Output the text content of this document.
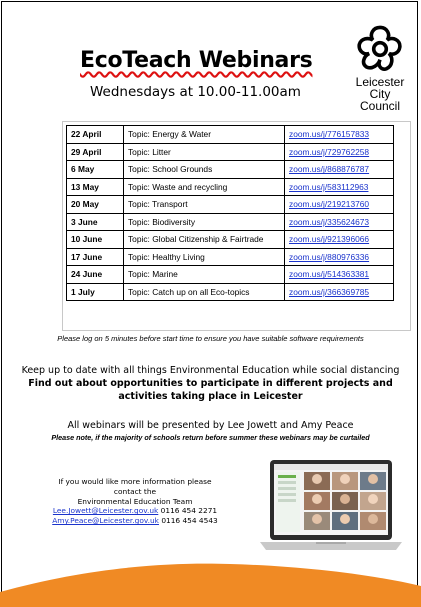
EcoTeach Webinars
Wednesdays at 10.00-11.00am
Leicester
City Council
22 April	Topic: Energy & Water	zoom.us/j/776157833
29 April	Topic: Litter	zoom.us/j/729762258
6 May	Topic: School Grounds	zoom.us/j/868876787
13 May	Topic: Waste and recycling	zoom.us/j/583112963
20 May	Topic: Transport	zoom.us/j/219213760
3 June	Topic: Biodiversity	zoom.us/j/335624673
10 June	Topic: Global Citizenship & Fairtrade	zoom.us/j/921396066
17 June	Topic: Healthy Living	zoom.us/j/880976336
24 June	Topic: Marine	zoom.us/j/514363381
1 July	Topic: Catch up on all Eco-topics	zoom.us/j/366369785
Please log on 5 minutes before start time to ensure you have suitable software requirements
Keep up to date with all things Environmental Education while social distancing
Find out about opportunities to participate in different projects and activities taking place in Leicester
All webinars will be presented by Lee Jowett and Amy Peace
Please note, if the majority of schools return before summer these webinars may be curtailed
If you would like more information please
contact the
Environmental Education Team
Lee.Jowett@Leicester.gov.uk 0116 454 2271
Amy.Peace@Leicester.gov.uk 0116 454 4543
